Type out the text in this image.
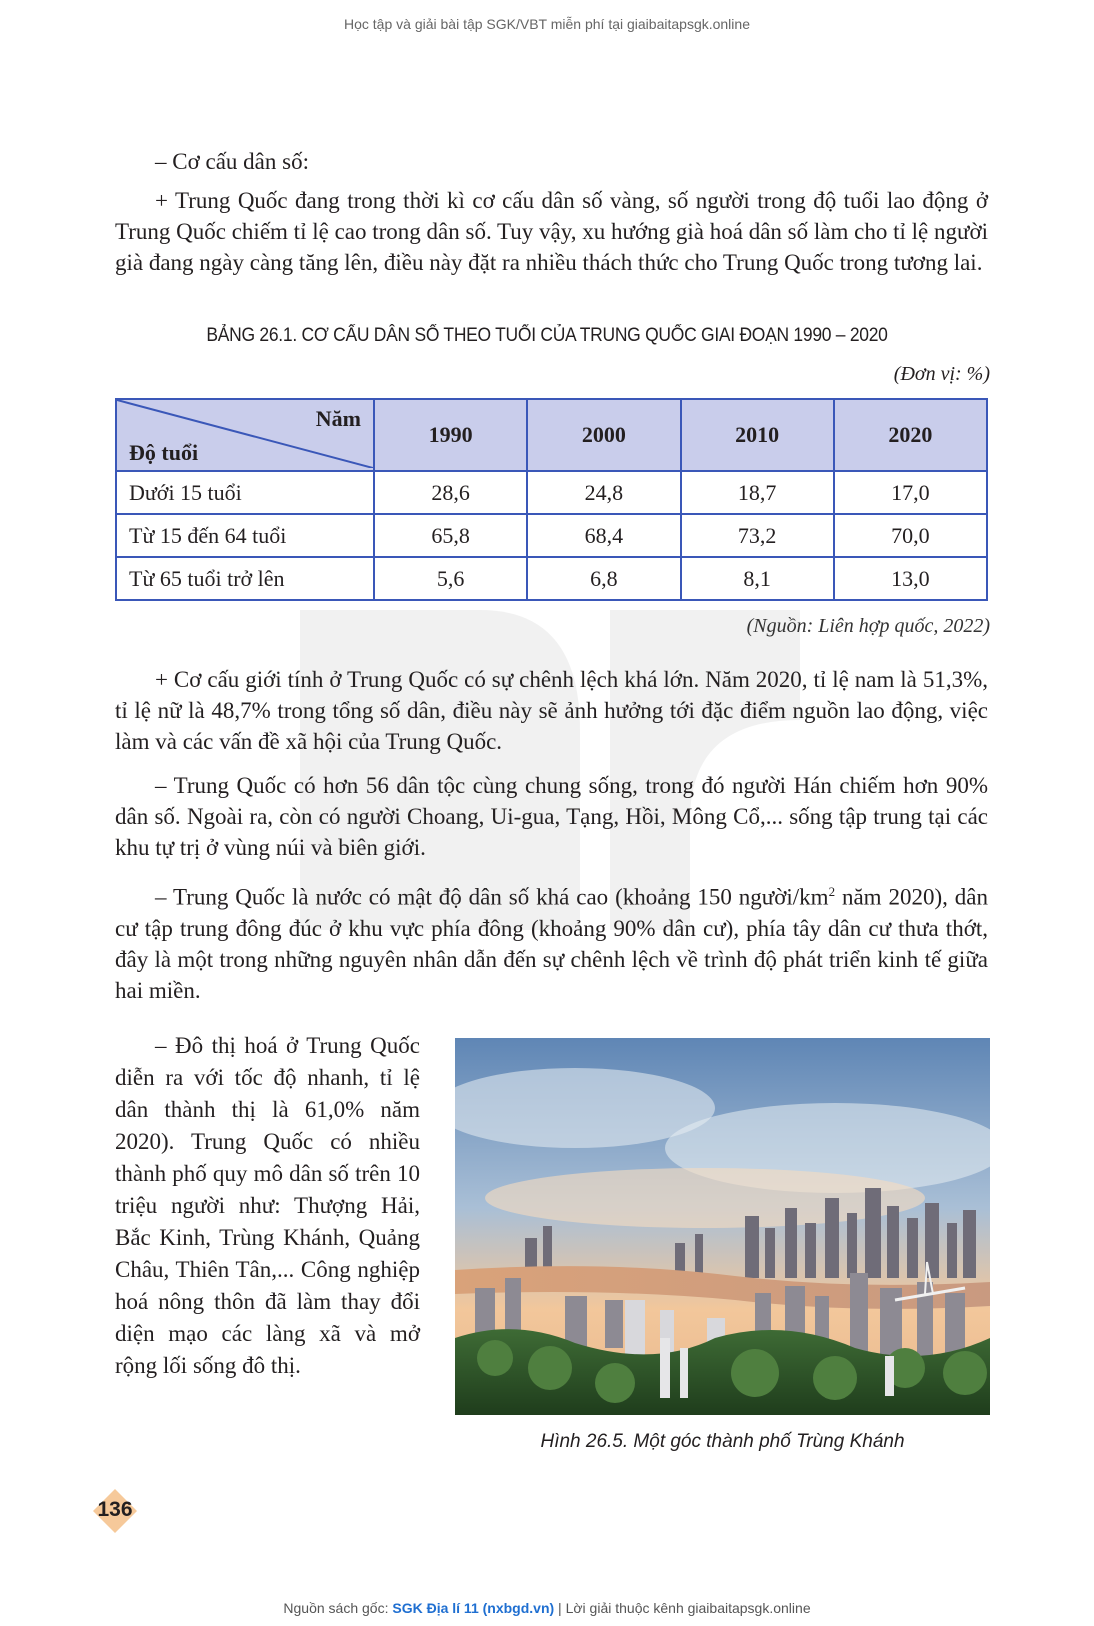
Học tập và giải bài tập SGK/VBT miễn phí tại giaibaitapsgk.online

– Cơ cấu dân số:

+ Trung Quốc đang trong thời kì cơ cấu dân số vàng, số người trong độ tuổi lao động ở Trung Quốc chiếm tỉ lệ cao trong dân số. Tuy vậy, xu hướng già hoá dân số làm cho tỉ lệ người già đang ngày càng tăng lên, điều này đặt ra nhiều thách thức cho Trung Quốc trong tương lai.

BẢNG 26.1. CƠ CẤU DÂN SỐ THEO TUỔI CỦA TRUNG QUỐC GIAI ĐOẠN 1990 – 2020
(Đơn vị: %)
Năm
Độ tuổi	1990	2000	2010	2020
Dưới 15 tuổi	28,6	24,8	18,7	17,0
Từ 15 đến 64 tuổi	65,8	68,4	73,2	70,0
Từ 65 tuổi trở lên	5,6	6,8	8,1	13,0
(Nguồn: Liên hợp quốc, 2022)

+ Cơ cấu giới tính ở Trung Quốc có sự chênh lệch khá lớn. Năm 2020, tỉ lệ nam là 51,3%, tỉ lệ nữ là 48,7% trong tổng số dân, điều này sẽ ảnh hưởng tới đặc điểm nguồn lao động, việc làm và các vấn đề xã hội của Trung Quốc.

– Trung Quốc có hơn 56 dân tộc cùng chung sống, trong đó người Hán chiếm hơn 90% dân số. Ngoài ra, còn có người Choang, Ui-gua, Tạng, Hồi, Mông Cổ,... sống tập trung tại các khu tự trị ở vùng núi và biên giới.

– Trung Quốc là nước có mật độ dân số khá cao (khoảng 150 người/$km^2$ năm 2020), dân cư tập trung đông đúc ở khu vực phía đông (khoảng 90% dân cư), phía tây dân cư thưa thớt, đây là một trong những nguyên nhân dẫn đến sự chênh lệch về trình độ phát triển kinh tế giữa hai miền.

– Đô thị hoá ở Trung Quốc diễn ra với tốc độ nhanh, tỉ lệ dân thành thị là 61,0% năm 2020). Trung Quốc có nhiều thành phố quy mô dân số trên 10 triệu người như: Thượng Hải, Bắc Kinh, Trùng Khánh, Quảng Châu, Thiên Tân,... Công nghiệp hoá nông thôn đã làm thay đổi diện mạo các làng xã và mở rộng lối sống đô thị.

Hình 26.5. Một góc thành phố Trùng Khánh
136
Nguồn sách gốc: SGK Địa lí 11 (nxbgd.vn) | Lời giải thuộc kênh giaibaitapsgk.online
